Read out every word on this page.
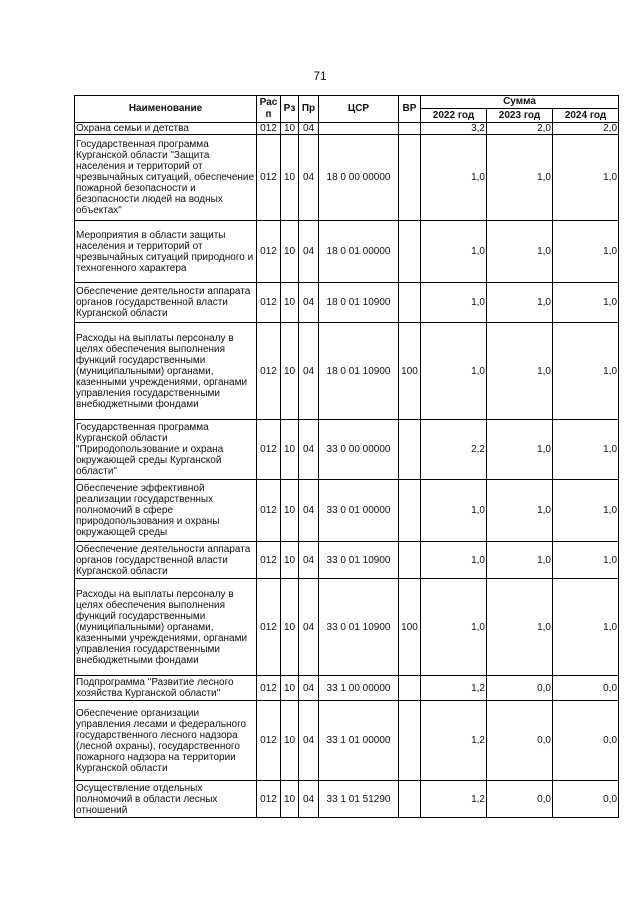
71
Наименование	Рас п	Рз	Пр	ЦСР	ВР	Сумма		
						2022 год	2023 год	2024 год
Охрана семьи и детства	012	10	04			3,2	2,0	2,0
Государственная программа Курганской области "Защита населения и территорий от чрезвычайных ситуаций, обеспечение пожарной безопасности и безопасности людей на водных объектах"	012	10	04	18 0 00 00000		1,0	1,0	1,0
Мероприятия в области защиты населения и территорий от чрезвычайных ситуаций природного и техногенного характера	012	10	04	18 0 01 00000		1,0	1,0	1,0
Обеспечение деятельности аппарата органов государственной власти Курганской области	012	10	04	18 0 01 10900		1,0	1,0	1,0
Расходы на выплаты персоналу в целях обеспечения выполнения функций государственными (муниципальными) органами, казенными учреждениями, органами управления государственными внебюджетными фондами	012	10	04	18 0 01 10900	100	1,0	1,0	1,0
Государственная программа Курганской области "Природопользование и охрана окружающей среды Курганской области"	012	10	04	33 0 00 00000		2,2	1,0	1,0
Обеспечение эффективной реализации государственных полномочий в сфере природопользования и охраны окружающей среды	012	10	04	33 0 01 00000		1,0	1,0	1,0
Обеспечение деятельности аппарата органов государственной власти Курганской области	012	10	04	33 0 01 10900		1,0	1,0	1,0
Расходы на выплаты персоналу в целях обеспечения выполнения функций государственными (муниципальными) органами, казенными учреждениями, органами управления государственными внебюджетными фондами	012	10	04	33 0 01 10900	100	1,0	1,0	1,0
Подпрограмма "Развитие лесного хозяйства Курганской области"	012	10	04	33 1 00 00000		1,2	0,0	0,0
Обеспечение организации управления лесами и федерального государственного лесного надзора (лесной охраны), государственного пожарного надзора на территории Курганской области	012	10	04	33 1 01 00000		1,2	0,0	0,0
Осуществление отдельных полномочий в области лесных отношений	012	10	04	33 1 01 51290		1,2	0,0	0,0
